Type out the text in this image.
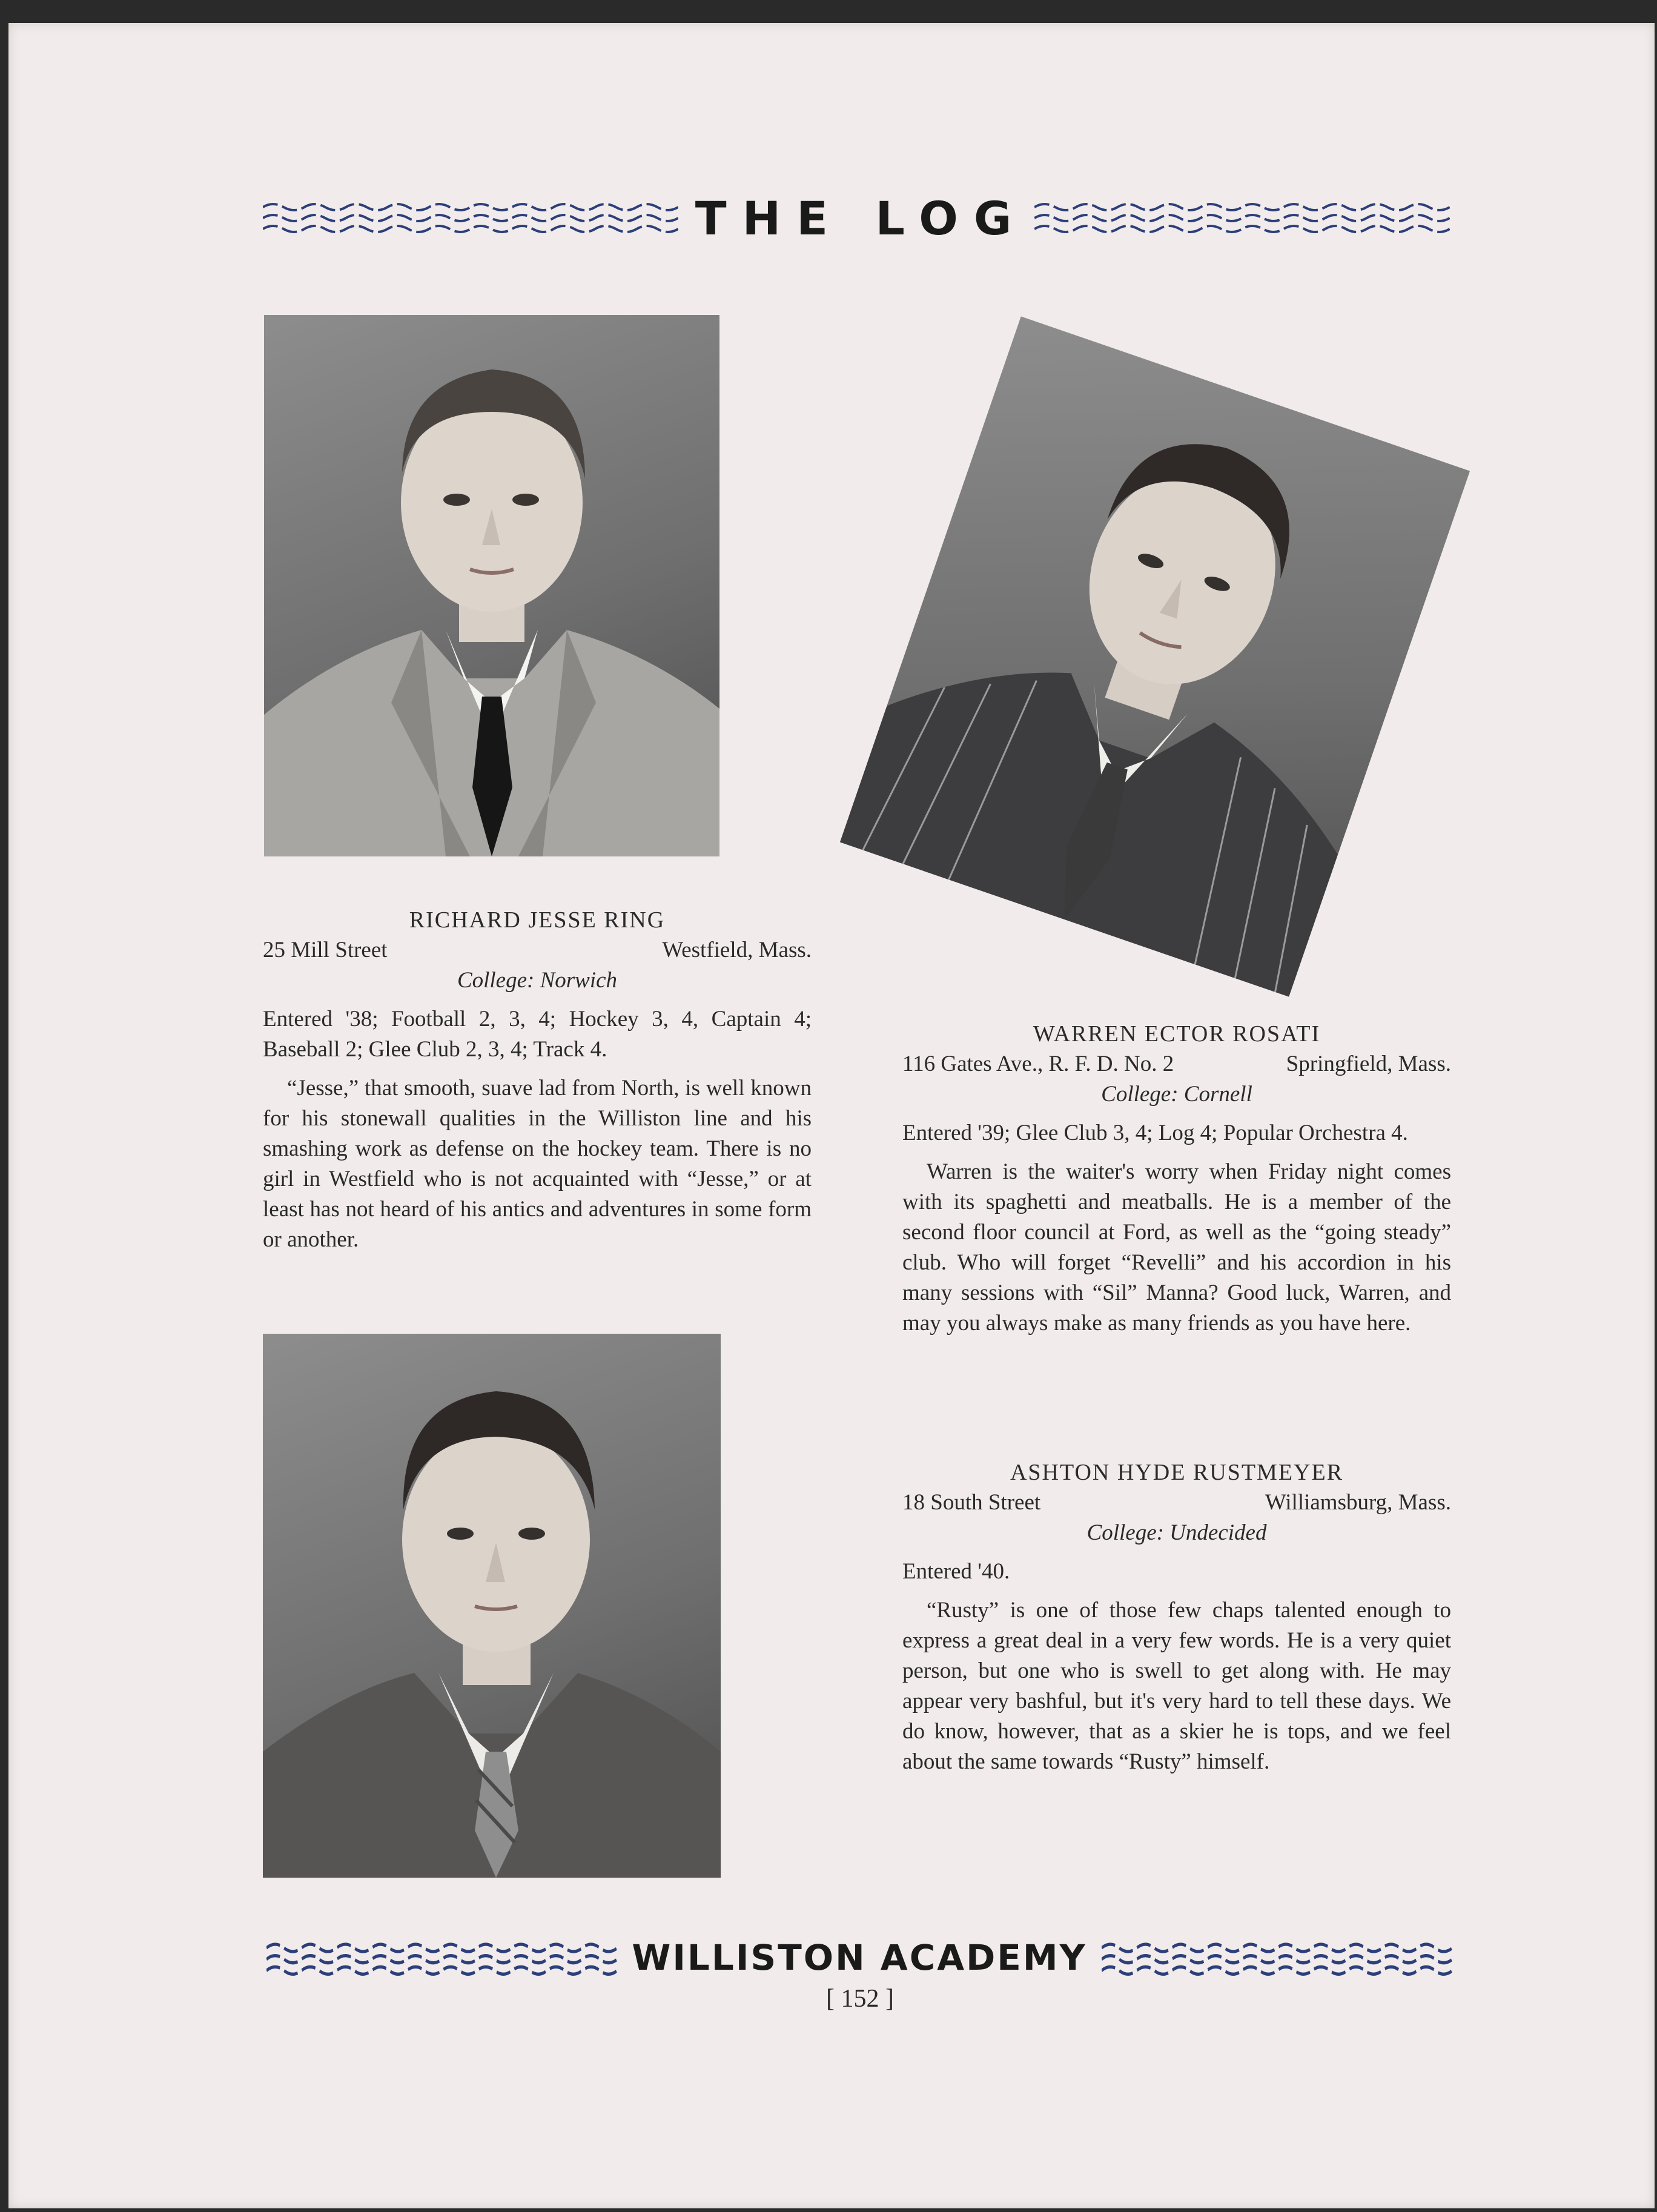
THE LOG
RICHARD JESSE RING
25 Mill Street	Westfield, Mass.
College: Norwich
Entered '38; Football 2, 3, 4; Hockey 3, 4, Captain 4; Baseball 2; Glee Club 2, 3, 4; Track 4.
“Jesse,” that smooth, suave lad from North, is well known for his stonewall qualities in the Williston line and his smashing work as defense on the hockey team. There is no girl in Westfield who is not acquainted with “Jesse,” or at least has not heard of his antics and adventures in some form or another.
WARREN ECTOR ROSATI
116 Gates Ave., R. F. D. No. 2	Springfield, Mass.
College: Cornell
Entered '39; Glee Club 3, 4; Log 4; Popular Orchestra 4.
Warren is the waiter's worry when Friday night comes with its spaghetti and meatballs. He is a member of the second floor council at Ford, as well as the “going steady” club. Who will forget “Revelli” and his accordion in his many sessions with “Sil” Manna? Good luck, Warren, and may you always make as many friends as you have here.
ASHTON HYDE RUSTMEYER
18 South Street	Williamsburg, Mass.
College: Undecided
Entered '40.
“Rusty” is one of those few chaps talented enough to express a great deal in a very few words. He is a very quiet person, but one who is swell to get along with. He may appear very bashful, but it's very hard to tell these days. We do know, however, that as a skier he is tops, and we feel about the same towards “Rusty” himself.
WILLISTON ACADEMY
[ 152 ]
